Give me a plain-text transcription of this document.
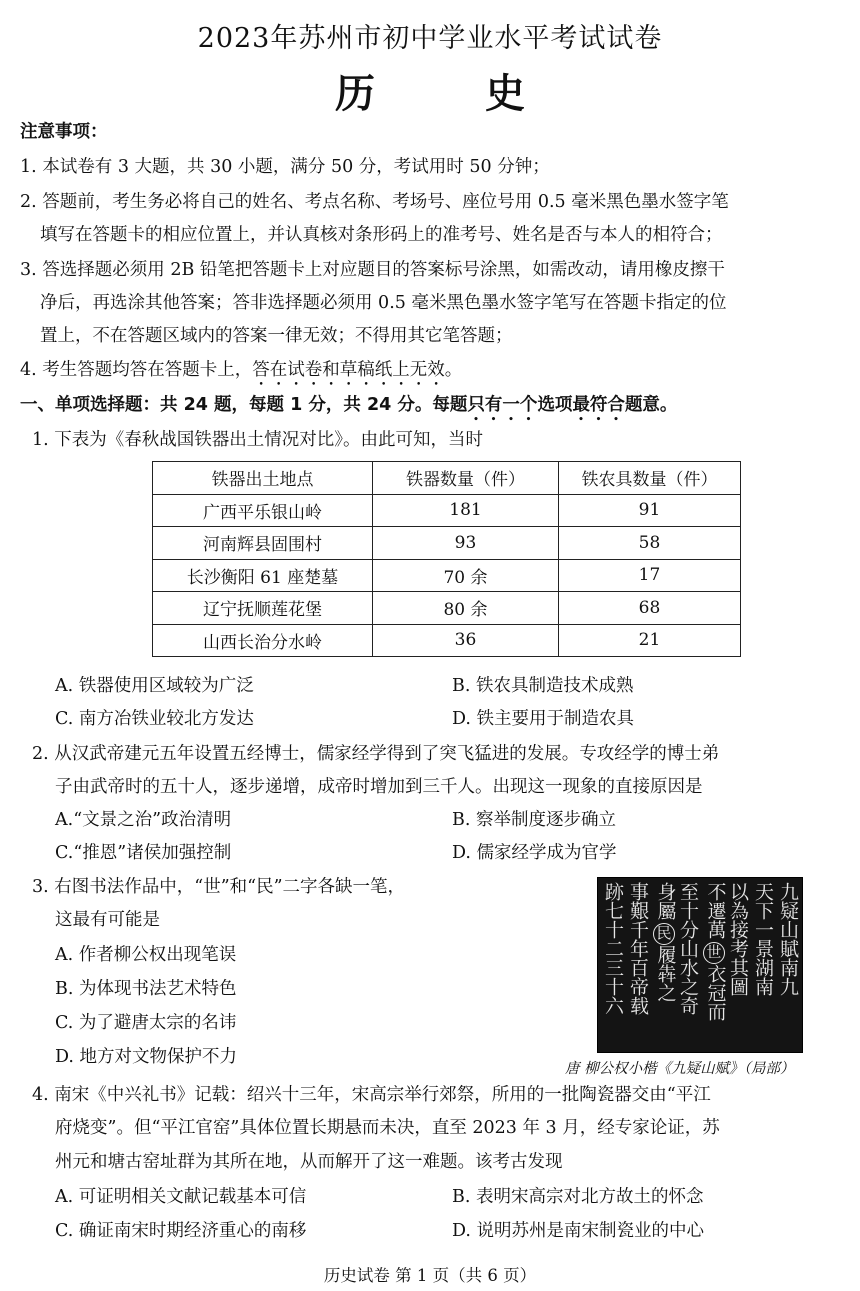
2023年苏州市初中学业水平考试试卷
历史
注意事项：
1. 本试卷有 3 大题，共 30 小题，满分 50 分，考试用时 50 分钟；
2. 答题前，考生务必将自己的姓名、考点名称、考场号、座位号用 0.5 毫米黑色墨水签字笔
填写在答题卡的相应位置上，并认真核对条形码上的准考号、姓名是否与本人的相符合；
3. 答选择题必须用 2B 铅笔把答题卡上对应题目的答案标号涂黑，如需改动，请用橡皮擦干
净后，再选涂其他答案；答非选择题必须用 0.5 毫米黑色墨水签字笔写在答题卡指定的位
置上，不在答题区域内的答案一律无效；不得用其它笔答题；
4. 考生答题均答在答题卡上，答在试卷和草稿纸上无效。
一、单项选择题：共 24 题，每题 1 分，共 24 分。每题只有一个选项最符合题意。
1. 下表为《春秋战国铁器出土情况对比》。由此可知，当时
铁器出土地点	铁器数量（件）	铁农具数量（件）
广西平乐银山岭	181	91
河南辉县固围村	93	58
长沙衡阳 61 座楚墓	70 余	17
辽宁抚顺莲花堡	80 余	68
山西长治分水岭	36	21
A. 铁器使用区域较为广泛	B. 铁农具制造技术成熟
C. 南方冶铁业较北方发达	D. 铁主要用于制造农具
2. 从汉武帝建元五年设置五经博士，儒家经学得到了突飞猛进的发展。专攻经学的博士弟
子由武帝时的五十人，逐步递增，成帝时增加到三千人。出现这一现象的直接原因是
A.“文景之治”政治清明	B. 察举制度逐步确立
C.“推恩”诸侯加强控制	D. 儒家经学成为官学
3. 右图书法作品中，“世”和“民”二字各缺一笔，
这最有可能是
A. 作者柳公权出现笔误
B. 为体现书法艺术特色
C. 为了避唐太宗的名讳
D. 地方对文物保护不力
九疑山賦南九
天下一景湖南
以為接考其圖
不遷萬
世
衣冠而
至十分山水之奇
身屬
民
履犇之
事艱千年百帝载
跡七十二三十六
唐 柳公权小楷《九疑山赋》（局部）
4. 南宋《中兴礼书》记载：绍兴十三年，宋高宗举行郊祭，所用的一批陶瓷器交由“平江
府烧变”。但“平江官窑”具体位置长期悬而未决，直至 2023 年 3 月，经专家论证，苏
州元和塘古窑址群为其所在地，从而解开了这一难题。该考古发现
A. 可证明相关文献记载基本可信	B. 表明宋高宗对北方故土的怀念
C. 确证南宋时期经济重心的南移	D. 说明苏州是南宋制瓷业的中心
历史试卷 第 1 页（共 6 页）
